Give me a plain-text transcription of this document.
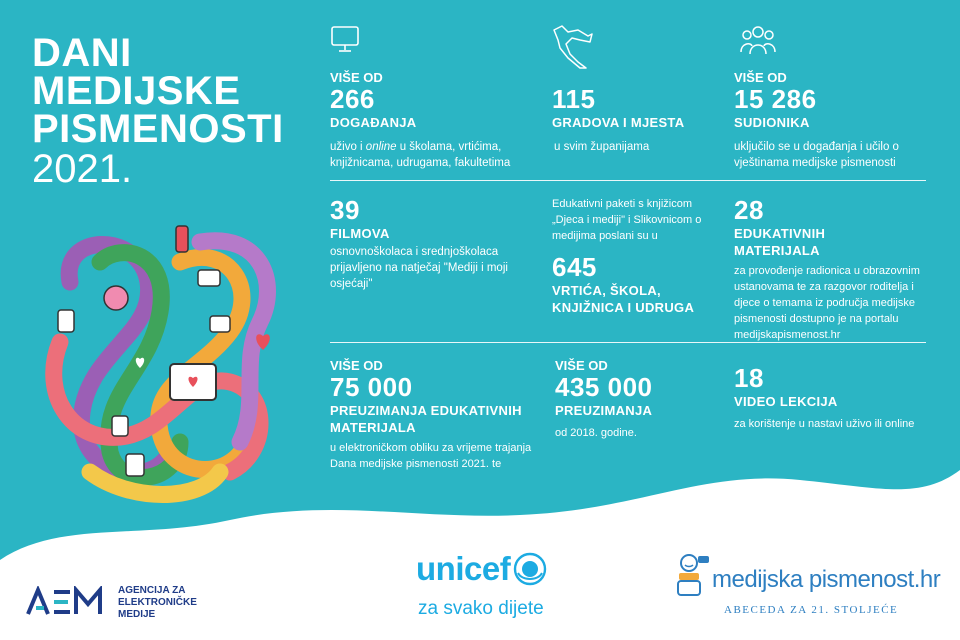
DANI
MEDIJSKE
PISMENOSTI
2021.
VIŠE OD
266
DOGAĐANJA
uživo i online u školama, vrtićima, knjižnicama, udrugama, fakultetima
115
GRADOVA I MJESTA
u svim županijama
VIŠE OD
15 286
SUDIONIKA
uključilo se u događanja i učilo o vještinama medijske pismenosti
39
FILMOVA
osnovnoškolaca i srednjoškolaca prijavljeno na natječaj "Mediji i moji osjećaji"
Edukativni paketi s knjižicom „Djeca i mediji" i Slikovnicom o medijima poslani su u
645
VRTIĆA, ŠKOLA, KNJIŽNICA I UDRUGA
28
EDUKATIVNIH MATERIJALA
za provođenje radionica u obrazovnim ustanovama te za razgovor roditelja i djece o temama iz područja medijske pismenosti dostupno je na portalu medijskapismenost.hr
VIŠE OD
75 000
PREUZIMANJA EDUKATIVNIH MATERIJALA
u elektroničkom obliku za vrijeme trajanja Dana medijske pismenosti 2021. te
VIŠE OD
435 000
PREUZIMANJA
od 2018. godine.
18
VIDEO LEKCIJA
za korištenje u nastavi uživo ili online
AGENCIJA ZA
ELEKTRONIČKE
MEDIJE
unicef
za svako dijete
medijska pismenost.hr
ABECEDA ZA 21. STOLJEĆE
